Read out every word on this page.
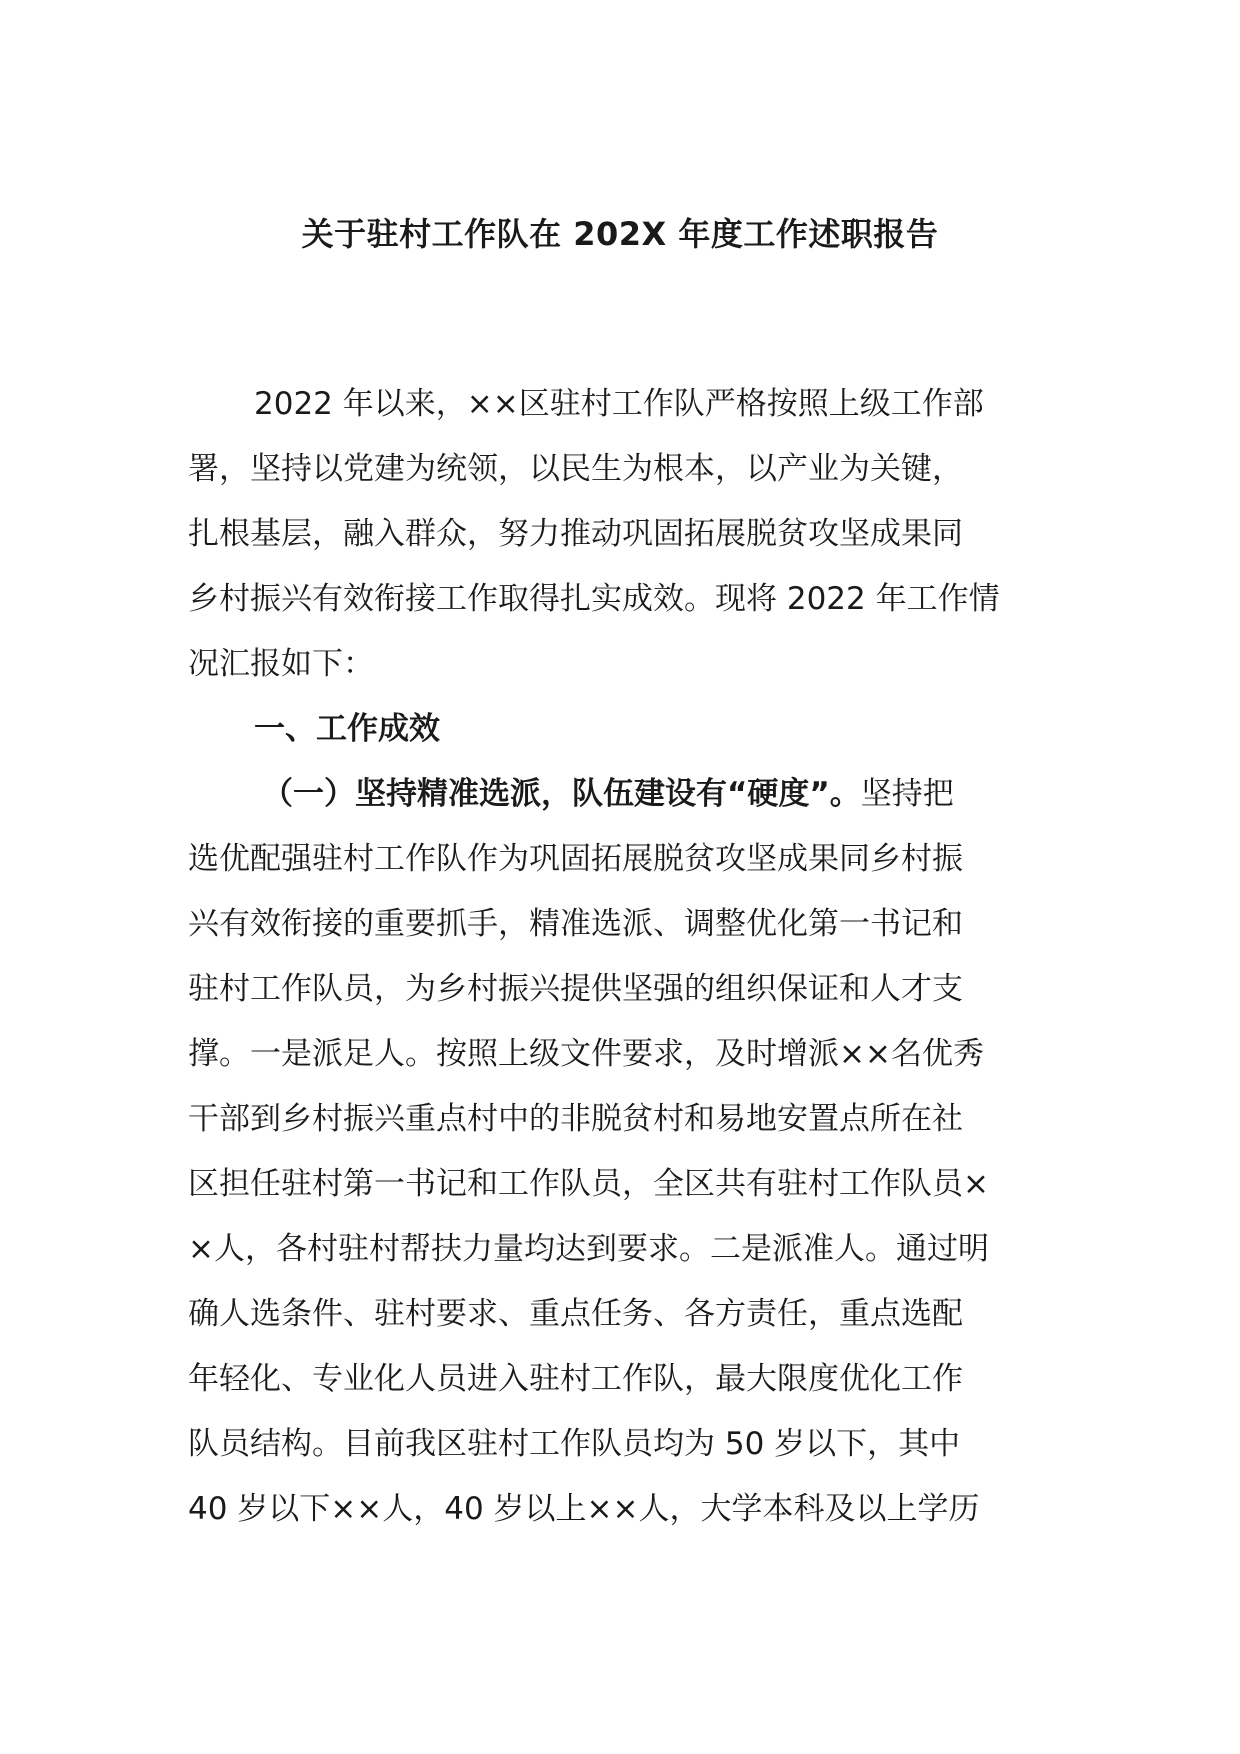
关于驻村工作队在 202X 年度工作述职报告

2022 年以来，××区驻村工作队严格按照上级工作部

署，坚持以党建为统领，以民生为根本，以产业为关键，

扎根基层，融入群众，努力推动巩固拓展脱贫攻坚成果同

乡村振兴有效衔接工作取得扎实成效。现将 2022 年工作情

况汇报如下：

一、工作成效

（一）坚持精准选派，队伍建设有“硬度”。坚持把

选优配强驻村工作队作为巩固拓展脱贫攻坚成果同乡村振

兴有效衔接的重要抓手，精准选派、调整优化第一书记和

驻村工作队员，为乡村振兴提供坚强的组织保证和人才支

撑。一是派足人。按照上级文件要求，及时增派××名优秀

干部到乡村振兴重点村中的非脱贫村和易地安置点所在社

区担任驻村第一书记和工作队员，全区共有驻村工作队员×

×人，各村驻村帮扶力量均达到要求。二是派准人。通过明

确人选条件、驻村要求、重点任务、各方责任，重点选配

年轻化、专业化人员进入驻村工作队，最大限度优化工作

队员结构。目前我区驻村工作队员均为 50 岁以下，其中

40 岁以下××人，40 岁以上××人，大学本科及以上学历
